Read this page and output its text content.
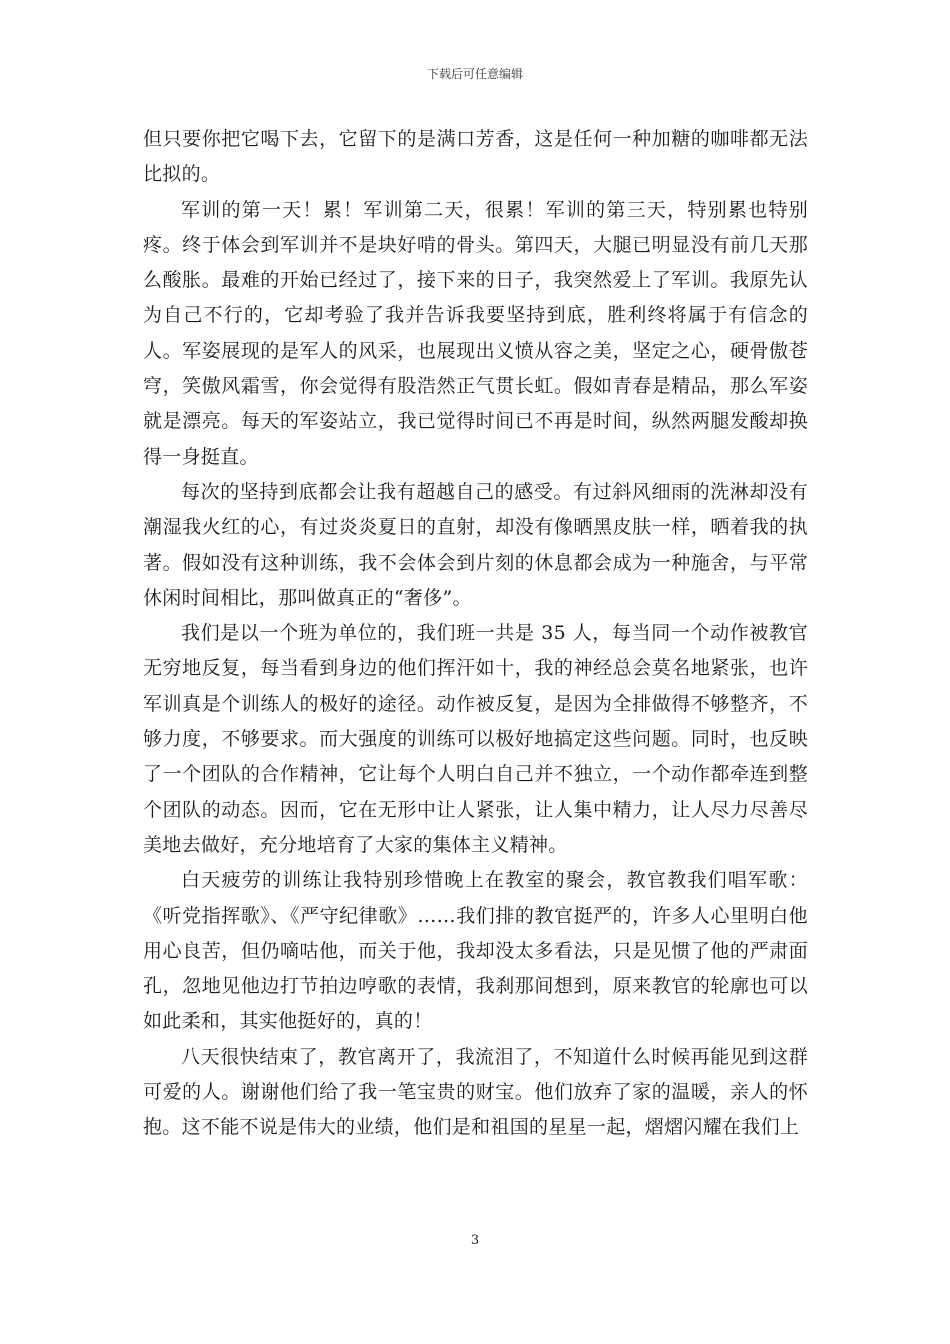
下载后可任意编辑

但只要你把它喝下去，它留下的是满口芳香，这是任何一种加糖的咖啡都无法比拟的。

军训的第一天！累！军训第二天，很累！军训的第三天，特别累也特别疼。终于体会到军训并不是块好啃的骨头。第四天，大腿已明显没有前几天那么酸胀。最难的开始已经过了，接下来的日子，我突然爱上了军训。我原先认为自己不行的，它却考验了我并告诉我要坚持到底，胜利终将属于有信念的人。军姿展现的是军人的风采，也展现出义愤从容之美，坚定之心，硬骨傲苍穹，笑傲风霜雪，你会觉得有股浩然正气贯长虹。假如青春是精品，那么军姿就是漂亮。每天的军姿站立，我已觉得时间已不再是时间，纵然两腿发酸却换得一身挺直。

每次的坚持到底都会让我有超越自己的感受。有过斜风细雨的洗淋却没有潮湿我火红的心，有过炎炎夏日的直射，却没有像晒黑皮肤一样，晒着我的执著。假如没有这种训练，我不会体会到片刻的休息都会成为一种施舍，与平常休闲时间相比，那叫做真正的“奢侈”。

我们是以一个班为单位的，我们班一共是 35 人，每当同一个动作被教官无穷地反复，每当看到身边的他们挥汗如十，我的神经总会莫名地紧张，也许军训真是个训练人的极好的途径。动作被反复，是因为全排做得不够整齐，不够力度，不够要求。而大强度的训练可以极好地搞定这些问题。同时，也反映了一个团队的合作精神，它让每个人明白自己并不独立，一个动作都牵连到整个团队的动态。因而，它在无形中让人紧张，让人集中精力，让人尽力尽善尽美地去做好，充分地培育了大家的集体主义精神。

白天疲劳的训练让我特别珍惜晚上在教室的聚会，教官教我们唱军歌：《听党指挥歌》、《严守纪律歌》……我们排的教官挺严的，许多人心里明白他用心良苦，但仍嘀咕他，而关于他，我却没太多看法，只是见惯了他的严肃面孔，忽地见他边打节拍边哼歌的表情，我刹那间想到，原来教官的轮廓也可以如此柔和，其实他挺好的，真的！

八天很快结束了，教官离开了，我流泪了，不知道什么时候再能见到这群可爱的人。谢谢他们给了我一笔宝贵的财宝。他们放弃了家的温暖，亲人的怀抱。这不能不说是伟大的业绩，他们是和祖国的星星一起，熠熠闪耀在我们上

3
